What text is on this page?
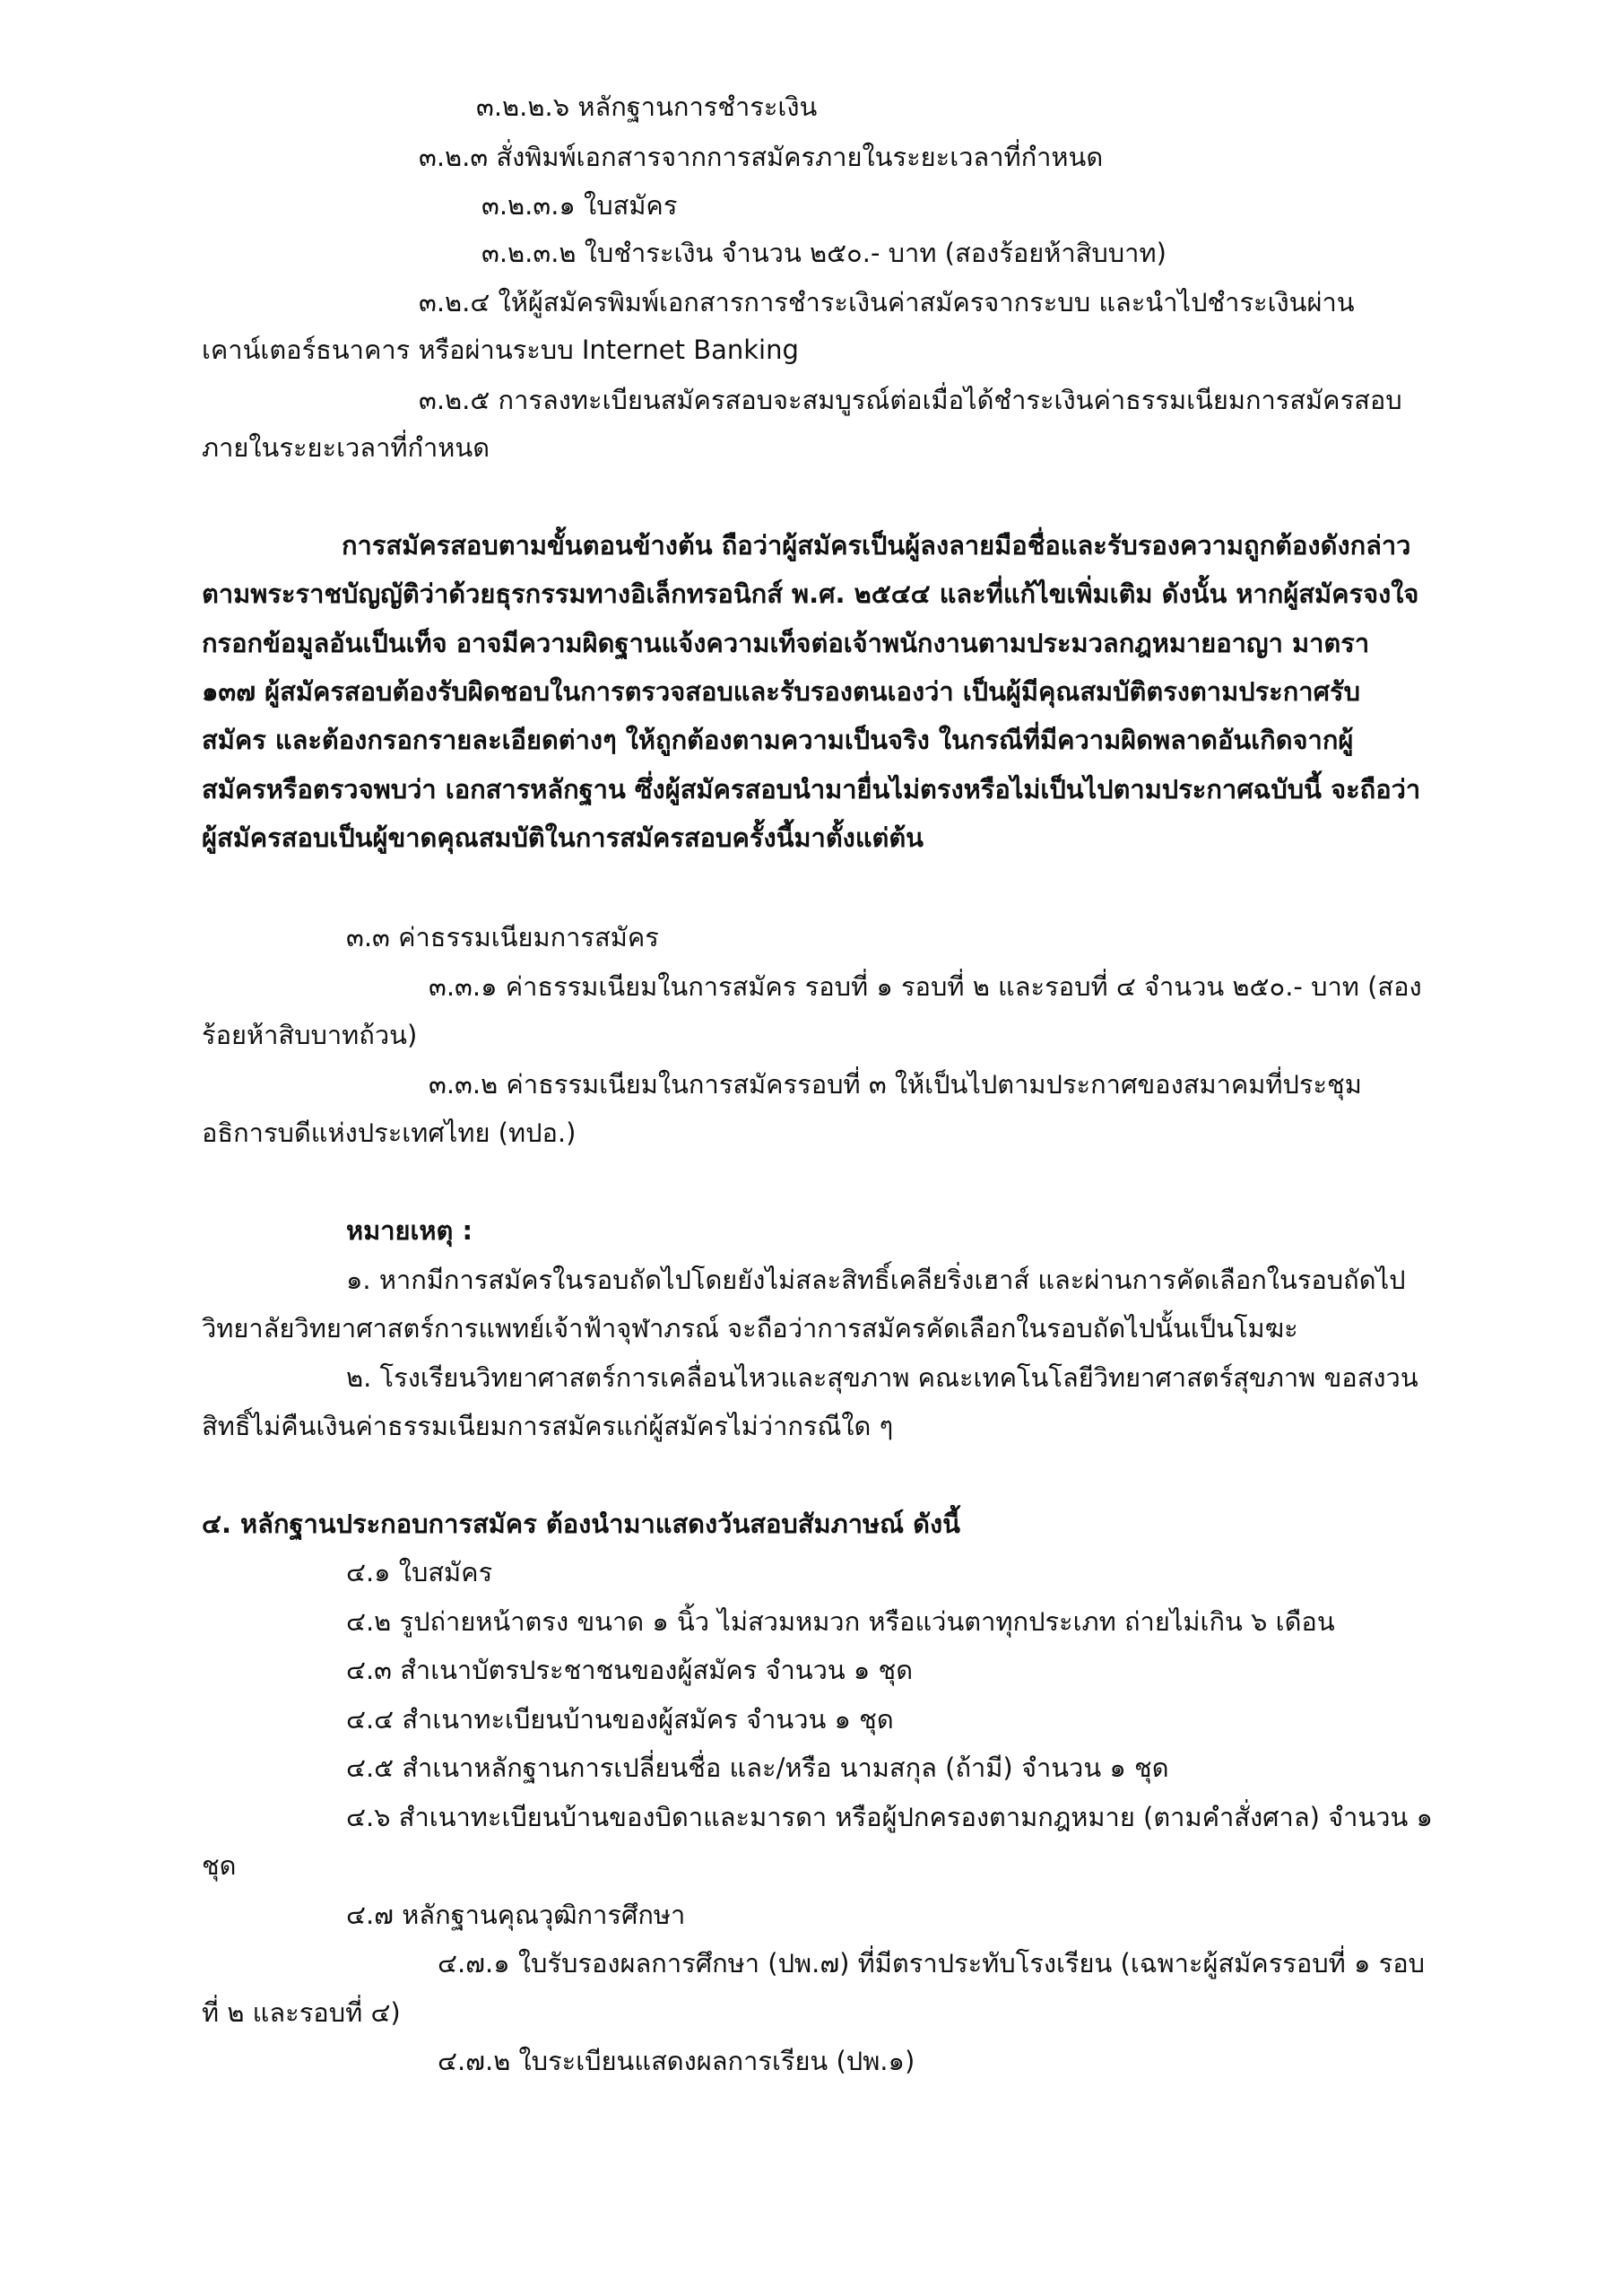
๓.๒.๒.๖ หลักฐานการชำระเงิน
๓.๒.๓ สั่งพิมพ์เอกสารจากการสมัครภายในระยะเวลาที่กำหนด
๓.๒.๓.๑ ใบสมัคร
๓.๒.๓.๒ ใบชำระเงิน จำนวน ๒๕๐.- บาท (สองร้อยห้าสิบบาท)
๓.๒.๔ ให้ผู้สมัครพิมพ์เอกสารการชำระเงินค่าสมัครจากระบบ และนำไปชำระเงินผ่าน
เคาน์เตอร์ธนาคาร หรือผ่านระบบ Internet Banking
๓.๒.๕ การลงทะเบียนสมัครสอบจะสมบูรณ์ต่อเมื่อได้ชำระเงินค่าธรรมเนียมการสมัครสอบ
ภายในระยะเวลาที่กำหนด
การสมัครสอบตามขั้นตอนข้างต้น ถือว่าผู้สมัครเป็นผู้ลงลายมือชื่อและรับรองความถูกต้องดังกล่าว
ตามพระราชบัญญัติว่าด้วยธุรกรรมทางอิเล็กทรอนิกส์ พ.ศ. ๒๕๔๔ และที่แก้ไขเพิ่มเติม ดังนั้น หากผู้สมัครจงใจ
กรอกข้อมูลอันเป็นเท็จ อาจมีความผิดฐานแจ้งความเท็จต่อเจ้าพนักงานตามประมวลกฎหมายอาญา มาตรา
๑๓๗ ผู้สมัครสอบต้องรับผิดชอบในการตรวจสอบและรับรองตนเองว่า เป็นผู้มีคุณสมบัติตรงตามประกาศรับ
สมัคร และต้องกรอกรายละเอียดต่างๆ ให้ถูกต้องตามความเป็นจริง ในกรณีที่มีความผิดพลาดอันเกิดจากผู้
สมัครหรือตรวจพบว่า เอกสารหลักฐาน ซึ่งผู้สมัครสอบนำมายื่นไม่ตรงหรือไม่เป็นไปตามประกาศฉบับนี้ จะถือว่า
ผู้สมัครสอบเป็นผู้ขาดคุณสมบัติในการสมัครสอบครั้งนี้มาตั้งแต่ต้น
๓.๓ ค่าธรรมเนียมการสมัคร
๓.๓.๑ ค่าธรรมเนียมในการสมัคร รอบที่ ๑ รอบที่ ๒ และรอบที่ ๔ จำนวน ๒๕๐.- บาท (สอง
ร้อยห้าสิบบาทถ้วน)
๓.๓.๒ ค่าธรรมเนียมในการสมัครรอบที่ ๓ ให้เป็นไปตามประกาศของสมาคมที่ประชุม
อธิการบดีแห่งประเทศไทย (ทปอ.)
หมายเหตุ :
๑. หากมีการสมัครในรอบถัดไปโดยยังไม่สละสิทธิ์เคลียริ่งเฮาส์ และผ่านการคัดเลือกในรอบถัดไป
วิทยาลัยวิทยาศาสตร์การแพทย์เจ้าฟ้าจุฬาภรณ์ จะถือว่าการสมัครคัดเลือกในรอบถัดไปนั้นเป็นโมฆะ
๒. โรงเรียนวิทยาศาสตร์การเคลื่อนไหวและสุขภาพ คณะเทคโนโลยีวิทยาศาสตร์สุขภาพ ขอสงวน
สิทธิ์ไม่คืนเงินค่าธรรมเนียมการสมัครแก่ผู้สมัครไม่ว่ากรณีใด ๆ
๔. หลักฐานประกอบการสมัคร ต้องนำมาแสดงวันสอบสัมภาษณ์ ดังนี้
๔.๑ ใบสมัคร
๔.๒ รูปถ่ายหน้าตรง ขนาด ๑ นิ้ว ไม่สวมหมวก หรือแว่นตาทุกประเภท ถ่ายไม่เกิน ๖ เดือน
๔.๓ สำเนาบัตรประชาชนของผู้สมัคร จำนวน ๑ ชุด
๔.๔ สำเนาทะเบียนบ้านของผู้สมัคร จำนวน ๑ ชุด
๔.๕ สำเนาหลักฐานการเปลี่ยนชื่อ และ/หรือ นามสกุล (ถ้ามี) จำนวน ๑ ชุด
๔.๖ สำเนาทะเบียนบ้านของบิดาและมารดา หรือผู้ปกครองตามกฎหมาย (ตามคำสั่งศาล) จำนวน ๑
ชุด
๔.๗ หลักฐานคุณวุฒิการศึกษา
๔.๗.๑ ใบรับรองผลการศึกษา (ปพ.๗) ที่มีตราประทับโรงเรียน (เฉพาะผู้สมัครรอบที่ ๑ รอบ
ที่ ๒ และรอบที่ ๔)
๔.๗.๒ ใบระเบียนแสดงผลการเรียน (ปพ.๑)
